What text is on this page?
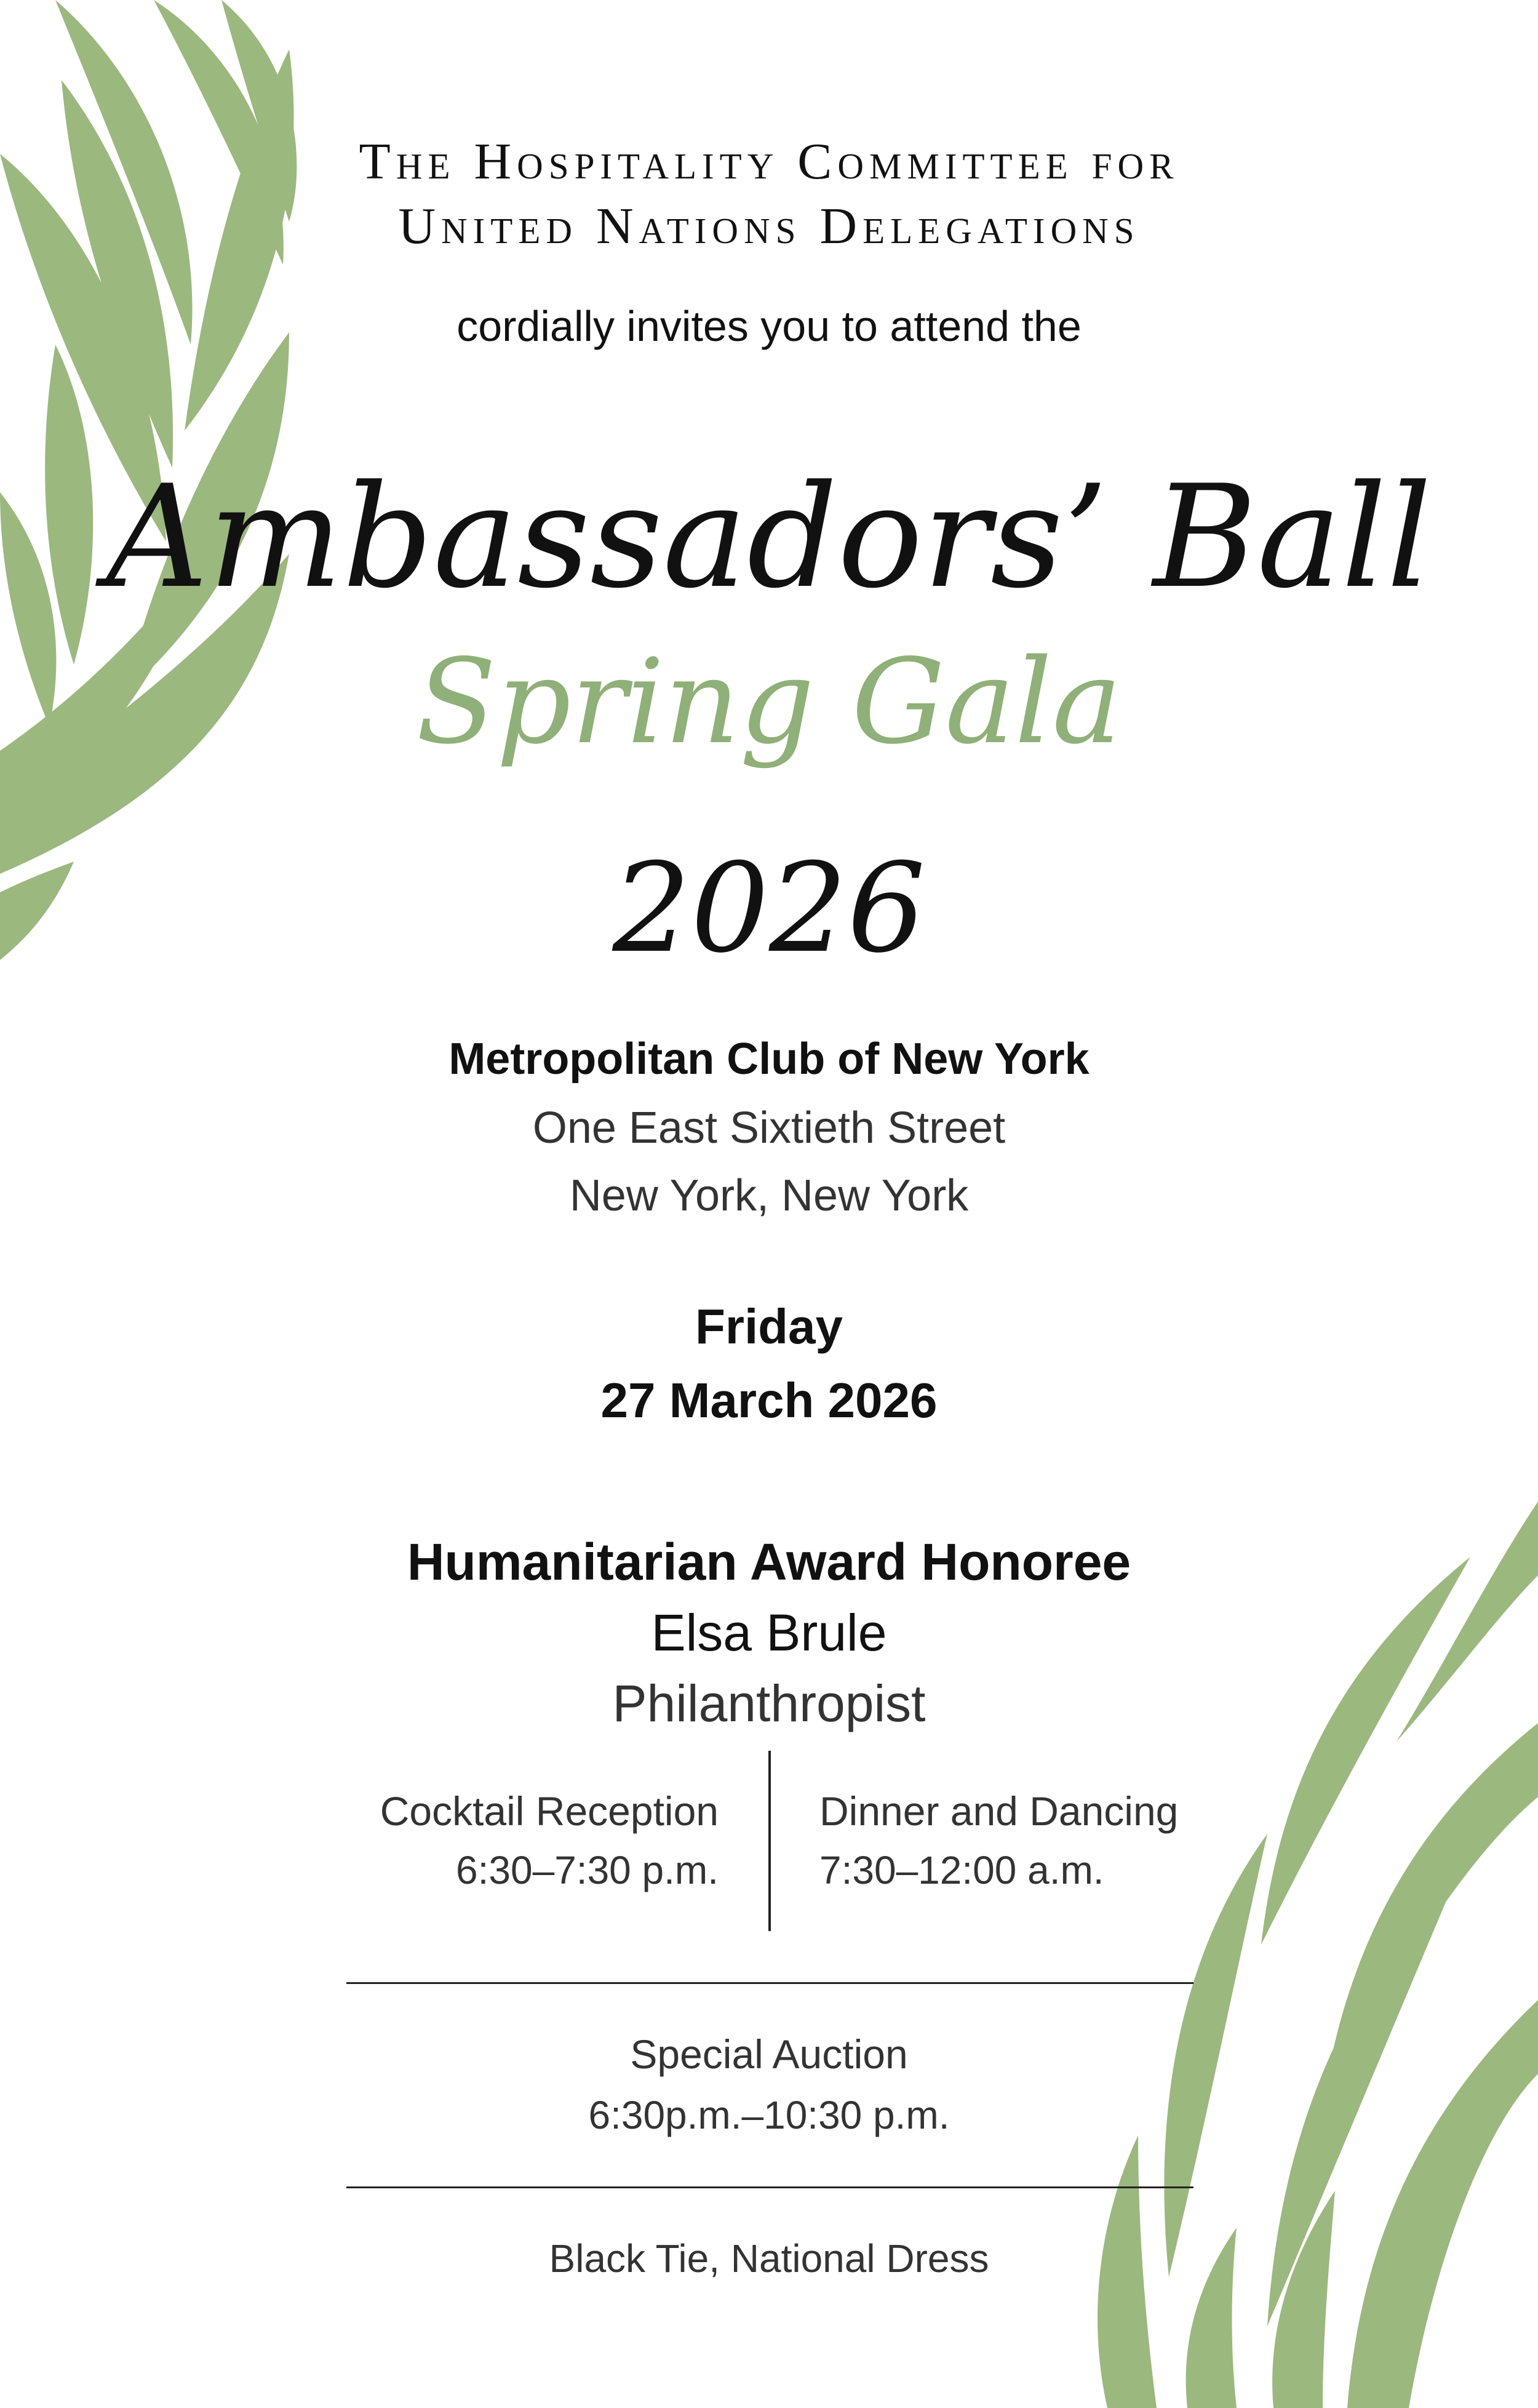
The Hospitality Committee for
United Nations Delegations
cordially invites you to attend the
Ambassadors’ Ball
Spring Gala
2026
Metropolitan Club of New York
One East Sixtieth Street
New York, New York
Friday
27 March 2026
Humanitarian Award Honoree
Elsa Brule
Philanthropist
Cocktail Reception
6:30–7:30 p.m.
Dinner and Dancing
7:30–12:00 a.m.
Special Auction
6:30p.m.–10:30 p.m.
Black Tie, National Dress
